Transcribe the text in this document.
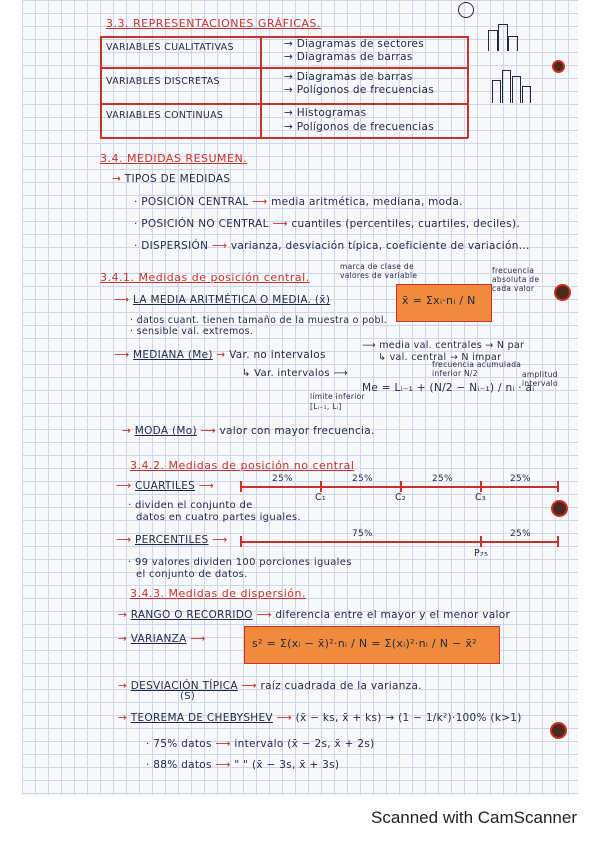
3.3. REPRESENTACIONES GRÁFICAS.
VARIABLES CUALITATIVAS	→ Diagramas de sectores
→ Diagramas de barras
VARIABLES DISCRETAS	→ Diagramas de barras
→ Polígonos de frecuencias
VARIABLES CONTINUAS	→ Histogramas
→ Polígonos de frecuencias
3.4. MEDIDAS RESUMEN.
→ TIPOS DE MEDIDAS
· POSICIÓN CENTRAL ⟶ media aritmética, mediana, moda.
· POSICIÓN NO CENTRAL ⟶ cuantiles (percentiles, cuartiles, deciles).
· DISPERSIÓN ⟶ varianza, desviación típica, coeficiente de variación...
3.4.1. Medidas de posición central.
marca de clase de valores de variable
frecuencia absoluta de cada valor
⟶ LA MEDIA ARITMÉTICA O MEDIA. (x̄)	x̄ = Σxᵢ·nᵢ / N
· datos cuant. tienen tamaño de la muestra o pobl.
· sensible val. extremos.
⟶ MEDIANA (Me) → Var. no intervalos
⟶ media val. centrales → N par
↳ val. central → N impar
↳ Var. intervalos ⟶
frecuencia acumulada inferior N/2	amplitud intervalo
Me = Lᵢ₋₁ + (N/2 − Nᵢ₋₁) / nᵢ · aᵢ
límite inferior [Lᵢ₋₁, Lᵢ]
→ MODA (Mo) ⟶ valor con mayor frecuencia.
3.4.2. Medidas de posición no central
⟶ CUARTILES ⟶
25%	25%	25%	25%
C₁	C₂	C₃
· dividen el conjunto de
datos en cuatro partes iguales.
⟶ PERCENTILES ⟶	75%	25%
P₇₅
· 99 valores dividen 100 porciones iguales
el conjunto de datos.
3.4.3. Medidas de dispersión.
→ RANGO O RECORRIDO ⟶ diferencia entre el mayor y el menor valor
→ VARIANZA ⟶	s² = Σ(xᵢ − x̄)²·nᵢ / N = Σ(xᵢ)²·nᵢ / N − x̄²
→ DESVIACIÓN TÍPICA ⟶ raíz cuadrada de la varianza.
(S)
→ TEOREMA DE CHEBYSHEV ⟶ (x̄ − ks, x̄ + ks) → (1 − 1/k²)·100% (k>1)
· 75% datos ⟶ intervalo (x̄ − 2s, x̄ + 2s)
· 88% datos ⟶ " " (x̄ − 3s, x̄ + 3s)
Scanned with CamScanner
